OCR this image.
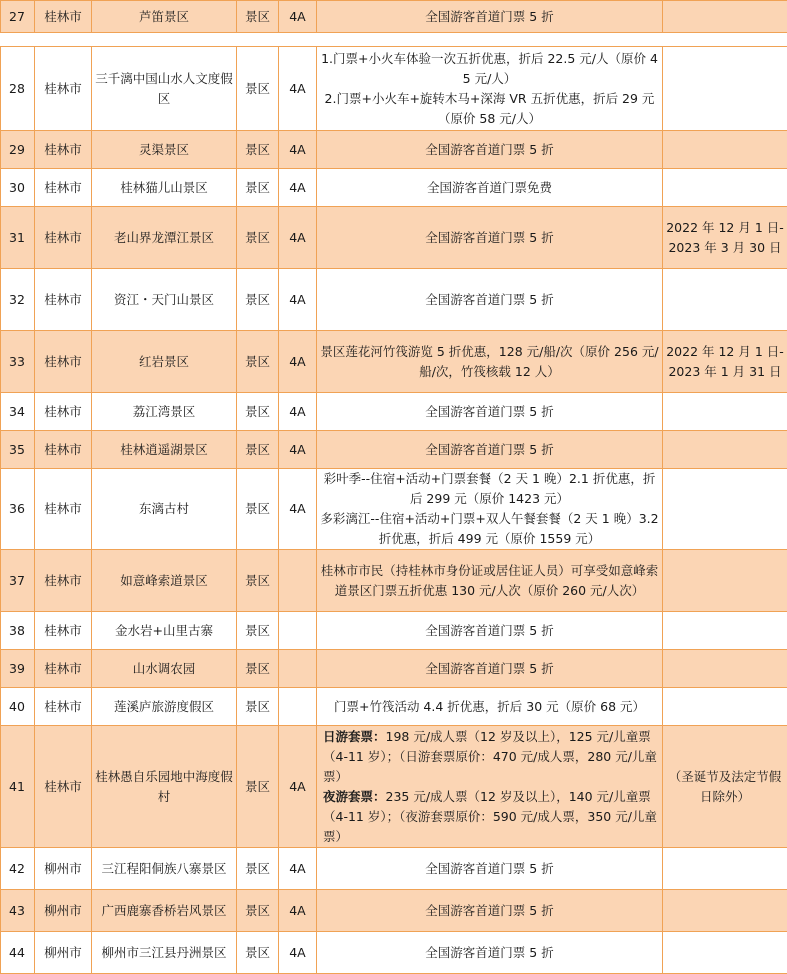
27	桂林市	芦笛景区	景区	4A	全国游客首道门票 5 折	
28	桂林市	三千漓中国山水人文度假区	景区	4A	1.门票+小火车体验一次五折优惠，折后 22.5 元/人（原价 45 元/人）
2.门票+小火车+旋转木马+深海 VR 五折优惠，折后 29 元（原价 58 元/人）	
29	桂林市	灵渠景区	景区	4A	全国游客首道门票 5 折	
30	桂林市	桂林猫儿山景区	景区	4A	全国游客首道门票免费	
31	桂林市	老山界龙潭江景区	景区	4A	全国游客首道门票 5 折	2022 年 12 月 1 日-2023 年 3 月 30 日
32	桂林市	资江・天门山景区	景区	4A	全国游客首道门票 5 折	
33	桂林市	红岩景区	景区	4A	景区莲花河竹筏游览 5 折优惠，128 元/船/次（原价 256 元/船/次，竹筏核载 12 人）	2022 年 12 月 1 日-2023 年 1 月 31 日
34	桂林市	荔江湾景区	景区	4A	全国游客首道门票 5 折	
35	桂林市	桂林逍遥湖景区	景区	4A	全国游客首道门票 5 折	
36	桂林市	东漓古村	景区	4A	彩叶季--住宿+活动+门票套餐（2 天 1 晚）2.1 折优惠，折后 299 元（原价 1423 元）
多彩漓江--住宿+活动+门票+双人午餐套餐（2 天 1 晚）3.2 折优惠，折后 499 元（原价 1559 元）	
37	桂林市	如意峰索道景区	景区		桂林市市民（持桂林市身份证或居住证人员）可享受如意峰索道景区门票五折优惠 130 元/人次（原价 260 元/人次）	
38	桂林市	金水岩+山里古寨	景区		全国游客首道门票 5 折	
39	桂林市	山水调农园	景区		全国游客首道门票 5 折	
40	桂林市	莲溪庐旅游度假区	景区		门票+竹筏活动 4.4 折优惠，折后 30 元（原价 68 元）	
41	桂林市	桂林愚自乐园地中海度假村	景区	4A	日游套票：198 元/成人票（12 岁及以上），125 元/儿童票（4-11 岁）；（日游套票原价：470 元/成人票，280 元/儿童票）
夜游套票：235 元/成人票（12 岁及以上），140 元/儿童票（4-11 岁）；（夜游套票原价：590 元/成人票，350 元/儿童票）	（圣诞节及法定节假日除外）
42	柳州市	三江程阳侗族八寨景区	景区	4A	全国游客首道门票 5 折	
43	柳州市	广西鹿寨香桥岩风景区	景区	4A	全国游客首道门票 5 折	
44	柳州市	柳州市三江县丹洲景区	景区	4A	全国游客首道门票 5 折	
